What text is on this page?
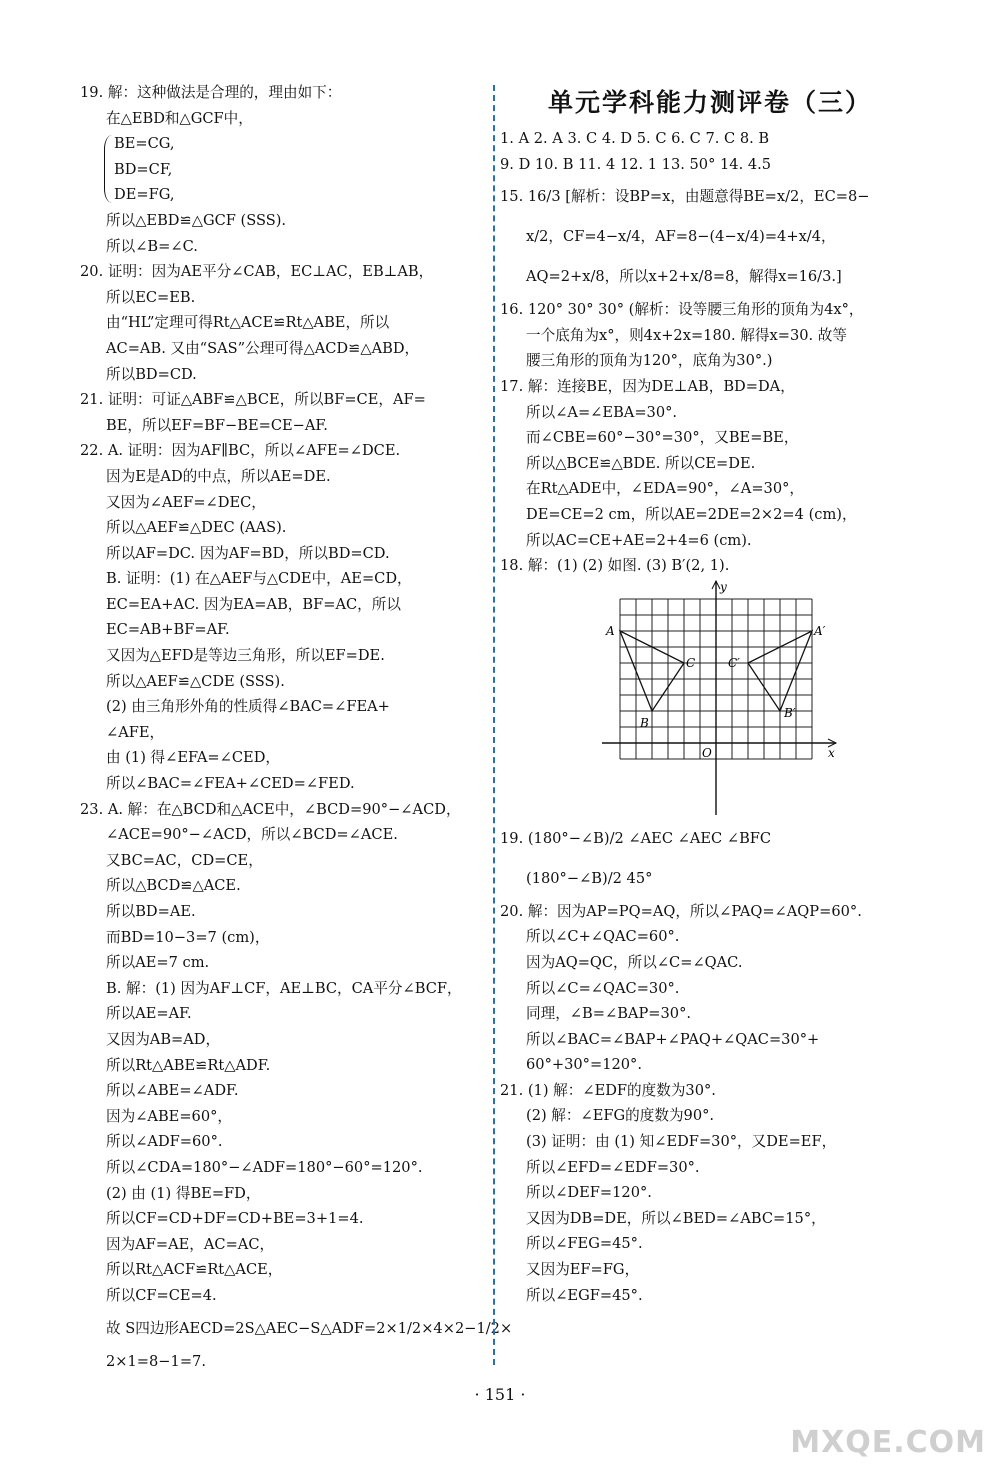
19. 解：这种做法是合理的，理由如下：
在△EBD和△GCF中，
BE=CG,
BD=CF,
DE=FG,
所以△EBD≌△GCF (SSS).
所以∠B=∠C.
20. 证明：因为AE平分∠CAB，EC⊥AC，EB⊥AB，
所以EC=EB.
由“HL”定理可得Rt△ACE≌Rt△ABE，所以
AC=AB. 又由“SAS”公理可得△ACD≌△ABD，
所以BD=CD.
21. 证明：可证△ABF≌△BCE，所以BF=CE，AF=
BE，所以EF=BF−BE=CE−AF.
22. A. 证明：因为AF∥BC，所以∠AFE=∠DCE.
因为E是AD的中点，所以AE=DE.
又因为∠AEF=∠DEC，
所以△AEF≌△DEC (AAS).
所以AF=DC. 因为AF=BD，所以BD=CD.
B. 证明：(1) 在△AEF与△CDE中，AE=CD，
EC=EA+AC. 因为EA=AB，BF=AC，所以
EC=AB+BF=AF.
又因为△EFD是等边三角形，所以EF=DE.
所以△AEF≌△CDE (SSS).
(2) 由三角形外角的性质得∠BAC=∠FEA+
∠AFE，
由 (1) 得∠EFA=∠CED，
所以∠BAC=∠FEA+∠CED=∠FED.
23. A. 解：在△BCD和△ACE中，∠BCD=90°−∠ACD，
∠ACE=90°−∠ACD，所以∠BCD=∠ACE.
又BC=AC，CD=CE，
所以△BCD≌△ACE.
所以BD=AE.
而BD=10−3=7 (cm)，
所以AE=7 cm.
B. 解：(1) 因为AF⊥CF，AE⊥BC，CA平分∠BCF，
所以AE=AF.
又因为AB=AD，
所以Rt△ABE≌Rt△ADF.
所以∠ABE=∠ADF.
因为∠ABE=60°，
所以∠ADF=60°.
所以∠CDA=180°−∠ADF=180°−60°=120°.
(2) 由 (1) 得BE=FD，
所以CF=CD+DF=CD+BE=3+1=4.
因为AF=AE，AC=AC，
所以Rt△ACF≌Rt△ACE，
所以CF=CE=4.
故 S四边形AECD=2S△AEC−S△ADF=2×1/2×4×2−1/2×
2×1=8−1=7.
单元学科能力测评卷（三）
1. A 2. A 3. C 4. D 5. C 6. C 7. C 8. B
9. D 10. B 11. 4 12. 1 13. 50° 14. 4.5
15. 16/3 [解析：设BP=x，由题意得BE=x/2，EC=8−
x/2，CF=4−x/4，AF=8−(4−x/4)=4+x/4，
AQ=2+x/8，所以x+2+x/8=8，解得x=16/3.]
16. 120° 30° 30° (解析：设等腰三角形的顶角为4x°，
一个底角为x°，则4x+2x=180. 解得x=30. 故等
腰三角形的顶角为120°，底角为30°.)
17. 解：连接BE，因为DE⊥AB，BD=DA，
所以∠A=∠EBA=30°.
而∠CBE=60°−30°=30°，又BE=BE，
所以△BCE≌△BDE. 所以CE=DE.
在Rt△ADE中，∠EDA=90°，∠A=30°，
DE=CE=2 cm，所以AE=2DE=2×2=4 (cm)，
所以AC=CE+AE=2+4=6 (cm).
18. 解：(1) (2) 如图. (3) B′(2, 1).
A
B
C
A′
B′
C′
O	x
y
19. (180°−∠B)/2 ∠AEC ∠AEC ∠BFC
(180°−∠B)/2 45°
20. 解：因为AP=PQ=AQ，所以∠PAQ=∠AQP=60°.
所以∠C+∠QAC=60°.
因为AQ=QC，所以∠C=∠QAC.
所以∠C=∠QAC=30°.
同理，∠B=∠BAP=30°.
所以∠BAC=∠BAP+∠PAQ+∠QAC=30°+
60°+30°=120°.
21. (1) 解：∠EDF的度数为30°.
(2) 解：∠EFG的度数为90°.
(3) 证明：由 (1) 知∠EDF=30°，又DE=EF，
所以∠EFD=∠EDF=30°.
所以∠DEF=120°.
又因为DB=DE，所以∠BED=∠ABC=15°，
所以∠FEG=45°.
又因为EF=FG，
所以∠EGF=45°.
· 151 ·
MXQE.COM
